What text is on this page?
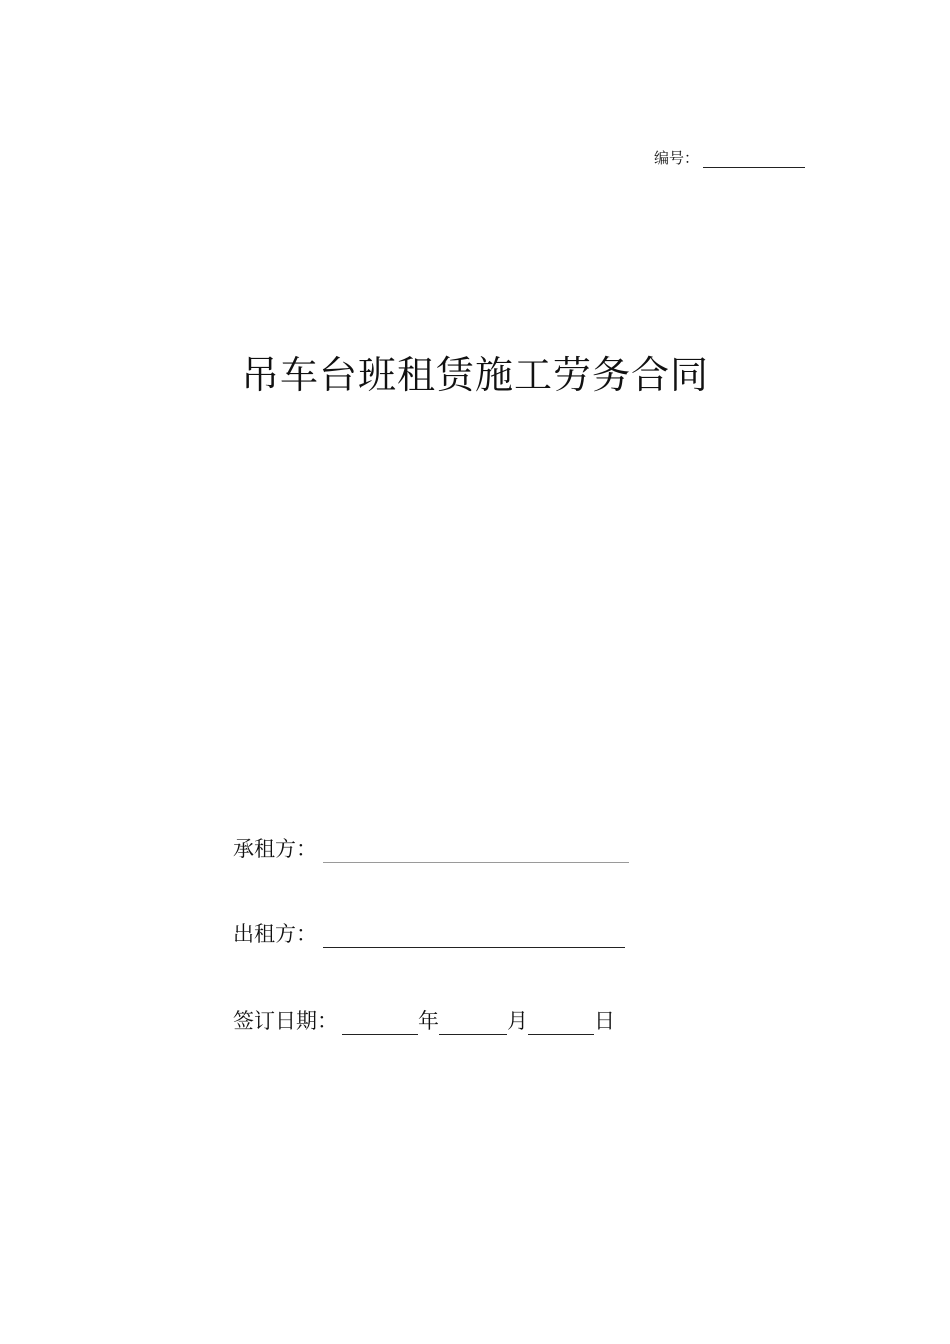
编号：
吊车台班租赁施工劳务合同
承租方：
出租方：
签订日期：	年	月	日
